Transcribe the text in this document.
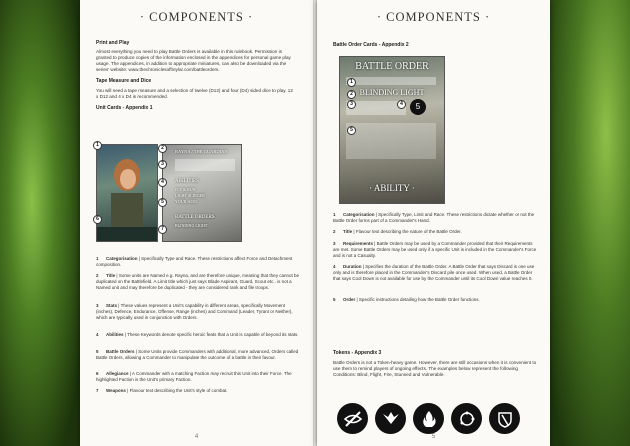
· COMPONENTS ·
Print and Play
Almost everything you need to play Battle Orders is available in this rulebook. Permission is granted to produce copies of the information enclosed in the appendices for personal game play usage. The appendices, in addition to appropriate miniatures, can also be downloaded via the series' website: www.thechroniclesoffreylar.com/battleorders.
Tape Measure and Dice
You will need a tape measure and a selection of twelve (D12) and four (D4) sided dice to play. 12 x D12 and 4 x D4 is recommended.
Unit Cards - Appendix 1
RAYNA / THE GUARDIAN
ABILITIES
FLY & RUN
LIGHT SLINGER
YOUR SOUL
BATTLE ORDERS
BLINDING LIGHT
1	2
3
4
5
6
7
1 Categorisation | Specifically Type and Race. These restrictions affect Force and Detachment composition.
2 Title | Some units are Named e.g. Rayna, and are therefore unique, meaning that they cannot be duplicated on the Battlefield. A Limit title which just says Blade Aspirant, Guard, Scout etc.. is not a Named unit and may therefore be duplicated - they are considered rank and file troops.
3 Stats | These values represent a Unit's capability in different areas, specifically Movement (inches), Defence, Endurance, Offense, Range (inches) and Command (Leader, Tyrant or Neither), which are typically used in conjunction with Orders.
4 Abilities | These Keywords denote specific heroic feats that a Unit is capable of beyond its stats.
5 Battle Orders | Some Units provide Commanders with additional, more advanced, Orders called Battle Orders, allowing a Commander to manipulate the outcome of a battle in their favour.
6 Allegiance | A Commander with a matching Faction may recruit this Unit into their Force. The highlighted Faction is the Unit's primary Faction.
7 Weapons | Flavour text describing the Unit's style of combat.
4
· COMPONENTS ·
Battle Order Cards - Appendix 2
BATTLE ORDER
BLINDING LIGHT
5
· ABILITY ·
1
2
3	4
5
1 Categorisation | Specifically Type, Limit and Race. These restrictions dictate whether or not the Battle Order forms part of a Commander's Hand.
2 Title | Flavour text describing the nature of the Battle Order.
3 Requirements | Battle Orders may be used by a Commander provided that their Requirements are met. Some Battle Orders may be used only if a specific Unit is included in the Commander's Force and is not a Casualty.
4 Duration | Specifies the duration of the Battle Order. A Battle Order that says Discard is one use only and is therefore placed in the Commander's Discard pile once used. When used, a Battle Order that says Cool Down is not available for use by the Commander until its Cool Down value reaches 0.
5 Order | Specific instructions detailing how the Battle Order functions.
Tokens - Appendix 3
Battle Orders is not a Token-heavy game. However, there are still occasions when it is convenient to use them to remind players of ongoing effects. The examples below represent the following Conditions: Blind, Flight, Fire, Stunned and Vulnerable.
5
